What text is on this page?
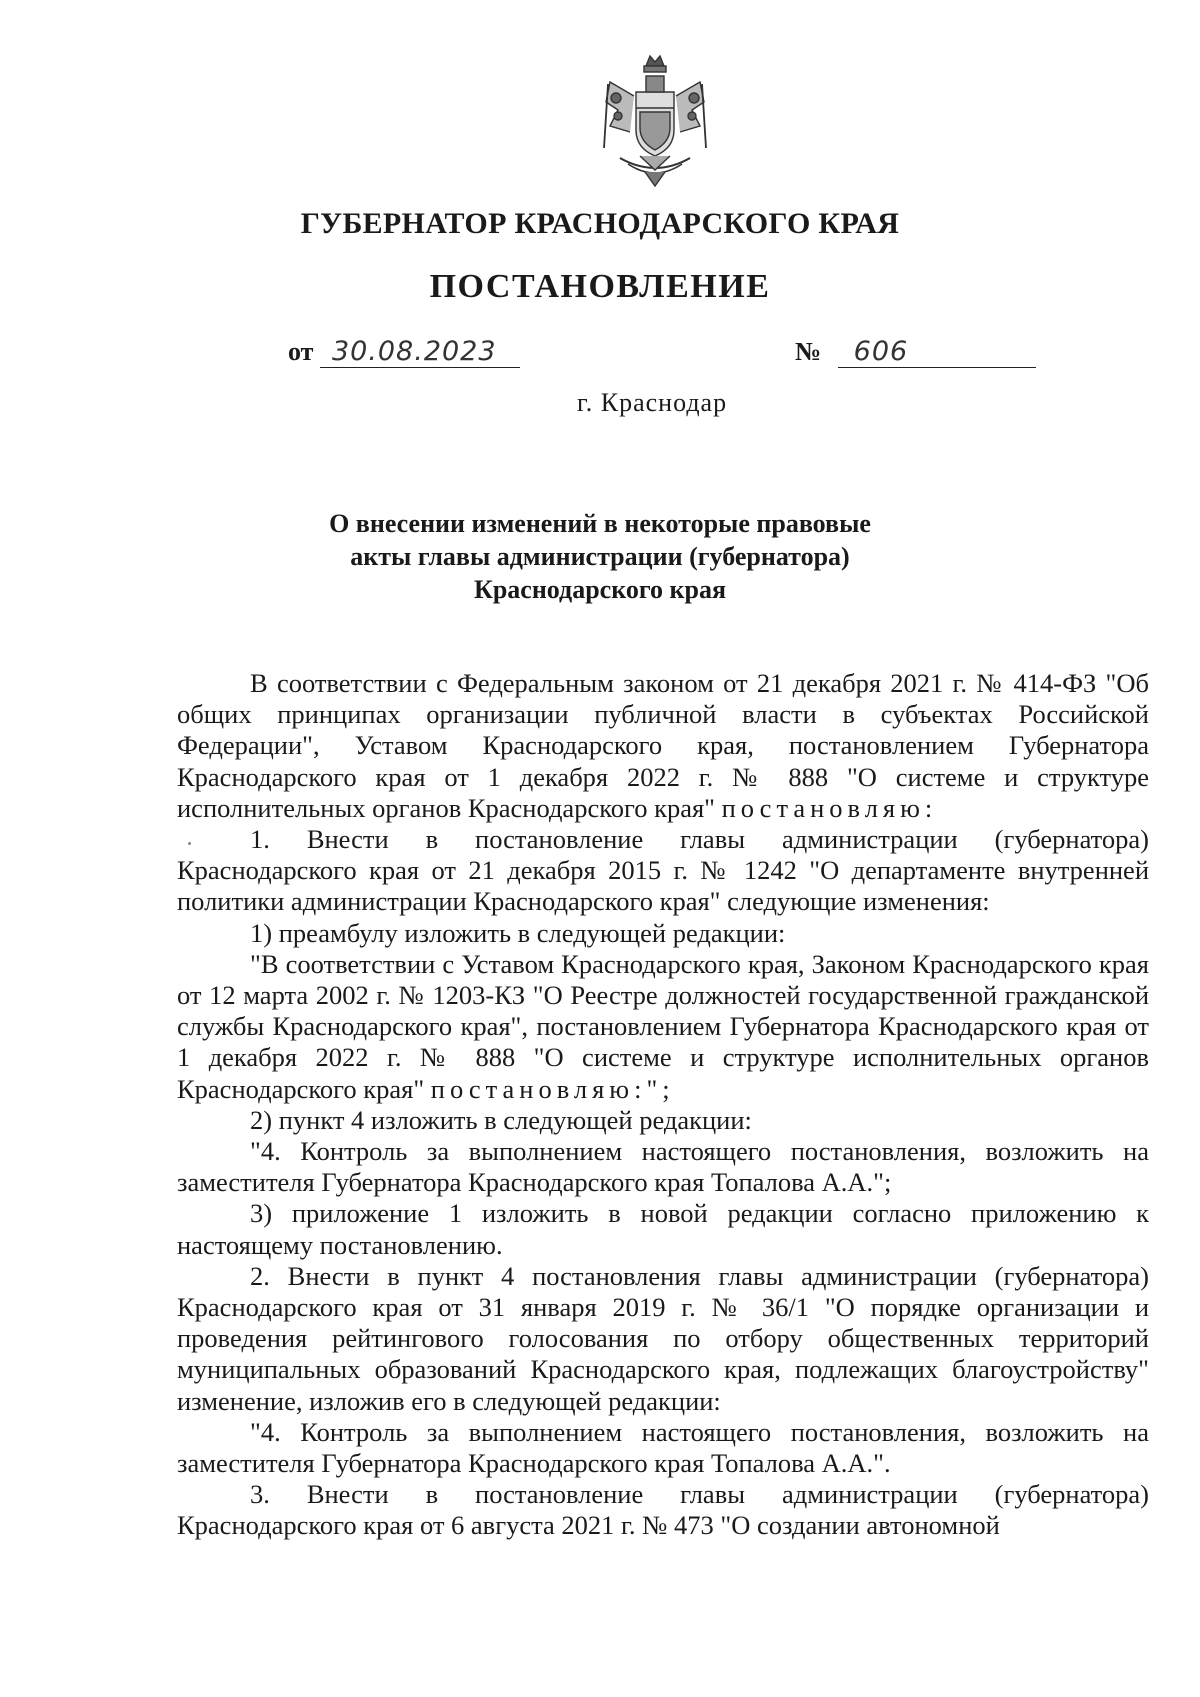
ГУБЕРНАТОР КРАСНОДАРСКОГО КРАЯ
ПОСТАНОВЛЕНИЕ
от 30.08.2023	№ 606
г. Краснодар
О внесении изменений в некоторые правовые
акты главы администрации (губернатора)
Краснодарского края

В соответствии с Федеральным законом от 21 декабря 2021 г. № 414-ФЗ "Об общих принципах организации публичной власти в субъектах Российской Федерации", Уставом Краснодарского края, постановлением Губернатора Краснодарского края от 1 декабря 2022 г. № 888 "О системе и структуре исполнительных органов Краснодарского края" постановляю:

1. Внести в постановление главы администрации (губернатора) Краснодарского края от 21 декабря 2015 г. № 1242 "О департаменте внутренней политики администрации Краснодарского края" следующие изменения:

1) преамбулу изложить в следующей редакции:

"В соответствии с Уставом Краснодарского края, Законом Краснодарского края от 12 марта 2002 г. № 1203-КЗ "О Реестре должностей государственной гражданской службы Краснодарского края", постановлением Губернатора Краснодарского края от 1 декабря 2022 г. № 888 "О системе и структуре исполнительных органов Краснодарского края" постановляю:";

2) пункт 4 изложить в следующей редакции:

"4. Контроль за выполнением настоящего постановления, возложить на заместителя Губернатора Краснодарского края Топалова А.А.";

3) приложение 1 изложить в новой редакции согласно приложению к настоящему постановлению.

2. Внести в пункт 4 постановления главы администрации (губернатора) Краснодарского края от 31 января 2019 г. № 36/1 "О порядке организации и проведения рейтингового голосования по отбору общественных территорий муниципальных образований Краснодарского края, подлежащих благоустройству" изменение, изложив его в следующей редакции:

"4. Контроль за выполнением настоящего постановления, возложить на заместителя Губернатора Краснодарского края Топалова А.А.".

3. Внести в постановление главы администрации (губернатора) Краснодарского края от 6 августа 2021 г. № 473 "О создании автономной
